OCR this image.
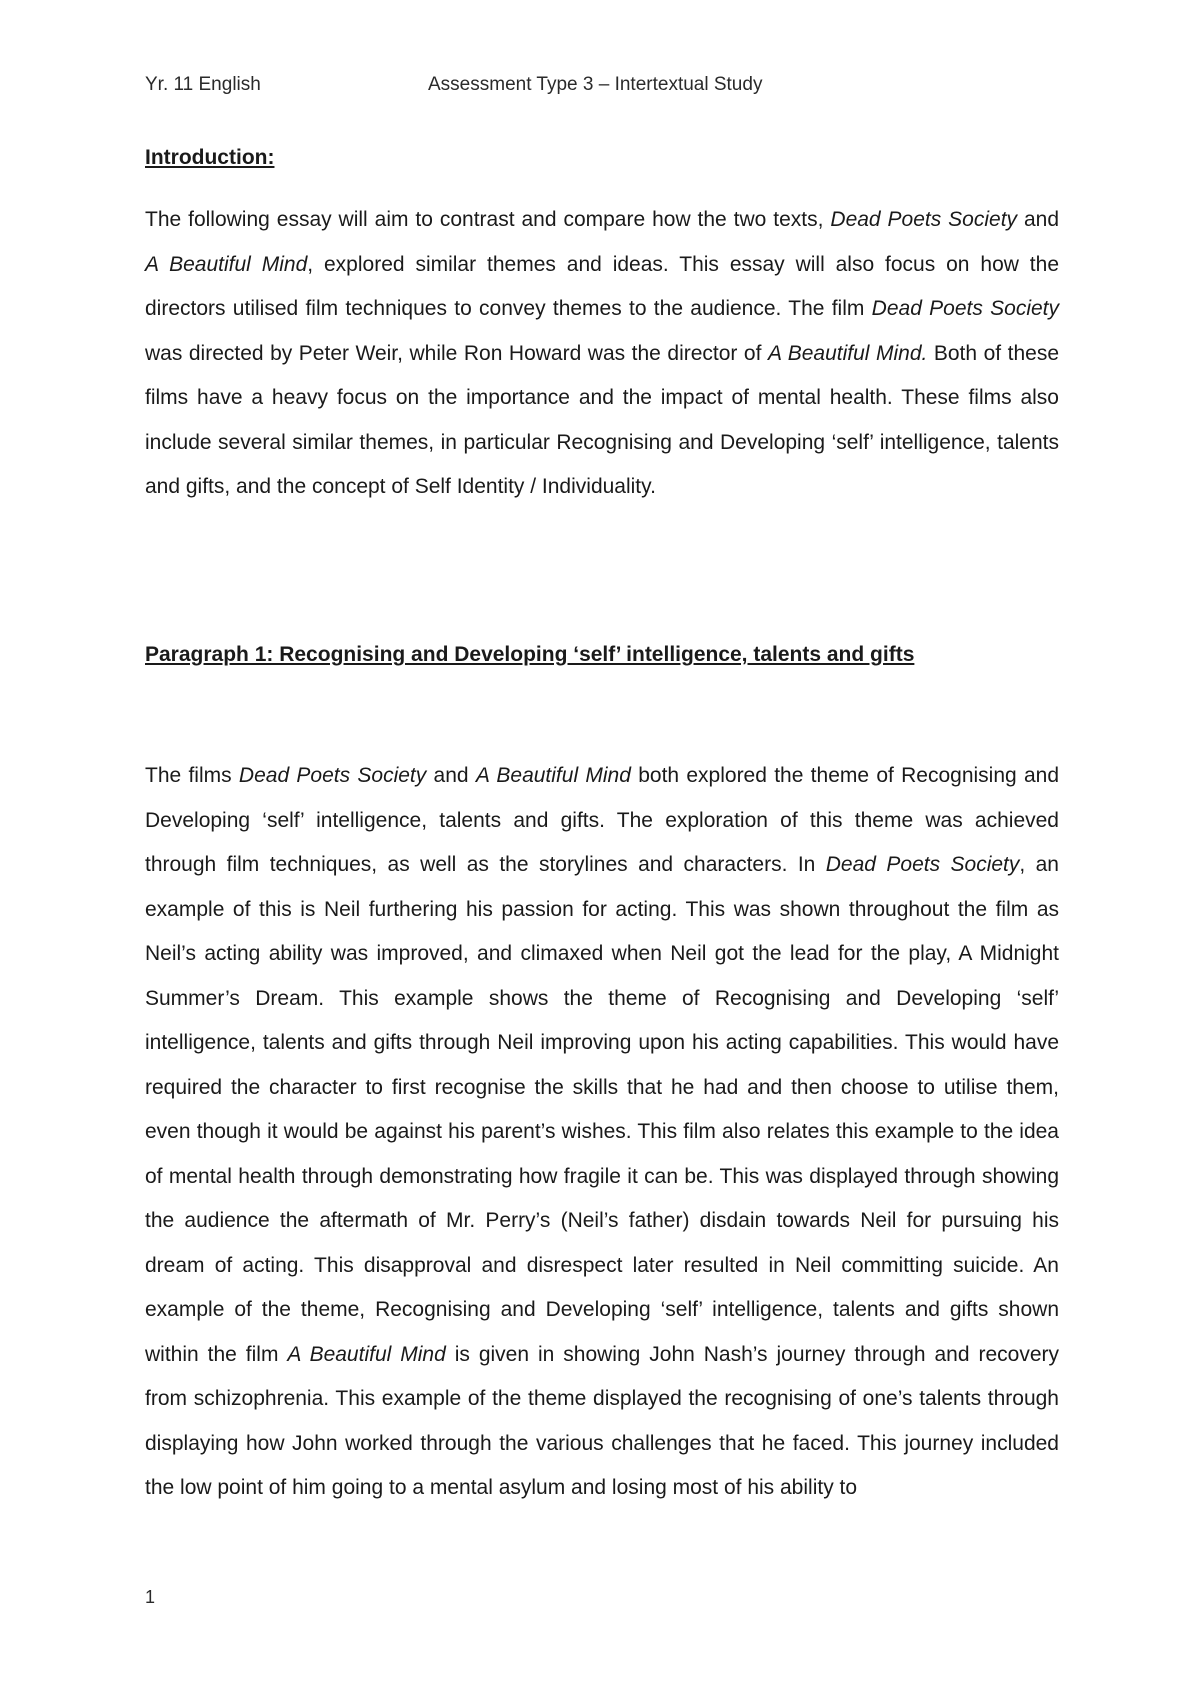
Yr. 11 English	Assessment Type 3 – Intertextual Study
Introduction:

The following essay will aim to contrast and compare how the two texts, Dead Poets Society and A Beautiful Mind, explored similar themes and ideas. This essay will also focus on how the directors utilised film techniques to convey themes to the audience. The film Dead Poets Society was directed by Peter Weir, while Ron Howard was the director of A Beautiful Mind. Both of these films have a heavy focus on the importance and the impact of mental health. These films also include several similar themes, in particular Recognising and Developing ‘self’ intelligence, talents and gifts, and the concept of Self Identity / Individuality.

Paragraph 1: Recognising and Developing ‘self’ intelligence, talents and gifts

The films Dead Poets Society and A Beautiful Mind both explored the theme of Recognising and Developing ‘self’ intelligence, talents and gifts. The exploration of this theme was achieved through film techniques, as well as the storylines and characters. In Dead Poets Society, an example of this is Neil furthering his passion for acting. This was shown throughout the film as Neil’s acting ability was improved, and climaxed when Neil got the lead for the play, A Midnight Summer’s Dream. This example shows the theme of Recognising and Developing ‘self’ intelligence, talents and gifts through Neil improving upon his acting capabilities. This would have required the character to first recognise the skills that he had and then choose to utilise them, even though it would be against his parent’s wishes. This film also relates this example to the idea of mental health through demonstrating how fragile it can be. This was displayed through showing the audience the aftermath of Mr. Perry’s (Neil’s father) disdain towards Neil for pursuing his dream of acting. This disapproval and disrespect later resulted in Neil committing suicide. An example of the theme, Recognising and Developing ‘self’ intelligence, talents and gifts shown within the film A Beautiful Mind is given in showing John Nash’s journey through and recovery from schizophrenia. This example of the theme displayed the recognising of one’s talents through displaying how John worked through the various challenges that he faced. This journey included the low point of him going to a mental asylum and losing most of his ability to

1
